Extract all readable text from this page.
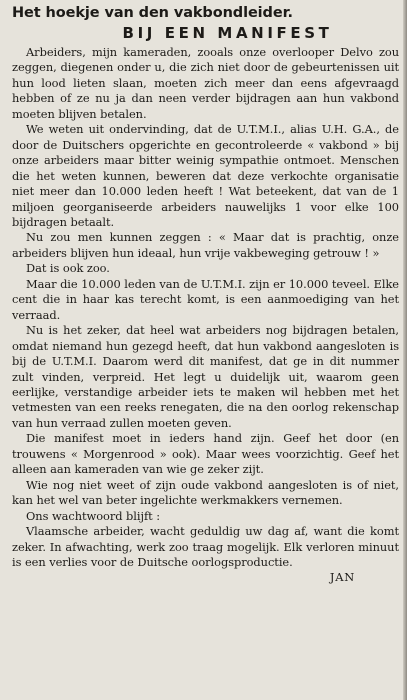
Het hoekje van den vakbondleider.
BIJ EEN MANIFEST

Arbeiders, mijn kameraden, zooals onze overlooper Delvo zou zeggen, diegenen onder u, die zich niet door de gebeurtenissen uit hun lood lieten slaan, moeten zich meer dan eens afgevraagd hebben of ze nu ja dan neen verder bijdragen aan hun vakbond moeten blijven betalen.

We weten uit ondervinding, dat de U.T.M.I., alias U.H. G.A., de door de Duitschers opgerichte en gecontroleerde « vakbond » bij onze arbeiders maar bitter weinig sympathie ontmoet. Menschen die het weten kunnen, beweren dat deze verkochte organisatie niet meer dan 10.000 leden heeft ! Wat beteekent, dat van de 1 miljoen georganiseerde arbeiders nauwelijks 1 voor elke 100 bijdragen betaalt.

Nu zou men kunnen zeggen : « Maar dat is prachtig, onze arbeiders blijven hun ideaal, hun vrije vakbeweging getrouw ! »

Dat is ook zoo.

Maar die 10.000 leden van de U.T.M.I. zijn er 10.000 teveel. Elke cent die in haar kas terecht komt, is een aanmoediging van het verraad.

Nu is het zeker, dat heel wat arbeiders nog bijdragen betalen, omdat niemand hun gezegd heeft, dat hun vakbond aangesloten is bij de U.T.M.I. Daarom werd dit manifest, dat ge in dit nummer zult vinden, verpreid. Het legt u duidelijk uit, waarom geen eerlijke, verstandige arbeider iets te maken wil hebben met het vetmesten van een reeks renegaten, die na den oorlog rekenschap van hun verraad zullen moeten geven.

Die manifest moet in ieders hand zijn. Geef het door (en trouwens « Morgenrood » ook). Maar wees voorzichtig. Geef het alleen aan kameraden van wie ge zeker zijt.

Wie nog niet weet of zijn oude vakbond aangesloten is of niet, kan het wel van beter ingelichte werkmakkers vernemen.

Ons wachtwoord blijft :

Vlaamsche arbeider, wacht geduldig uw dag af, want die komt zeker. In afwachting, werk zoo traag mogelijk. Elk verloren minuut is een verlies voor de Duitsche oorlogsproductie.

JAN
